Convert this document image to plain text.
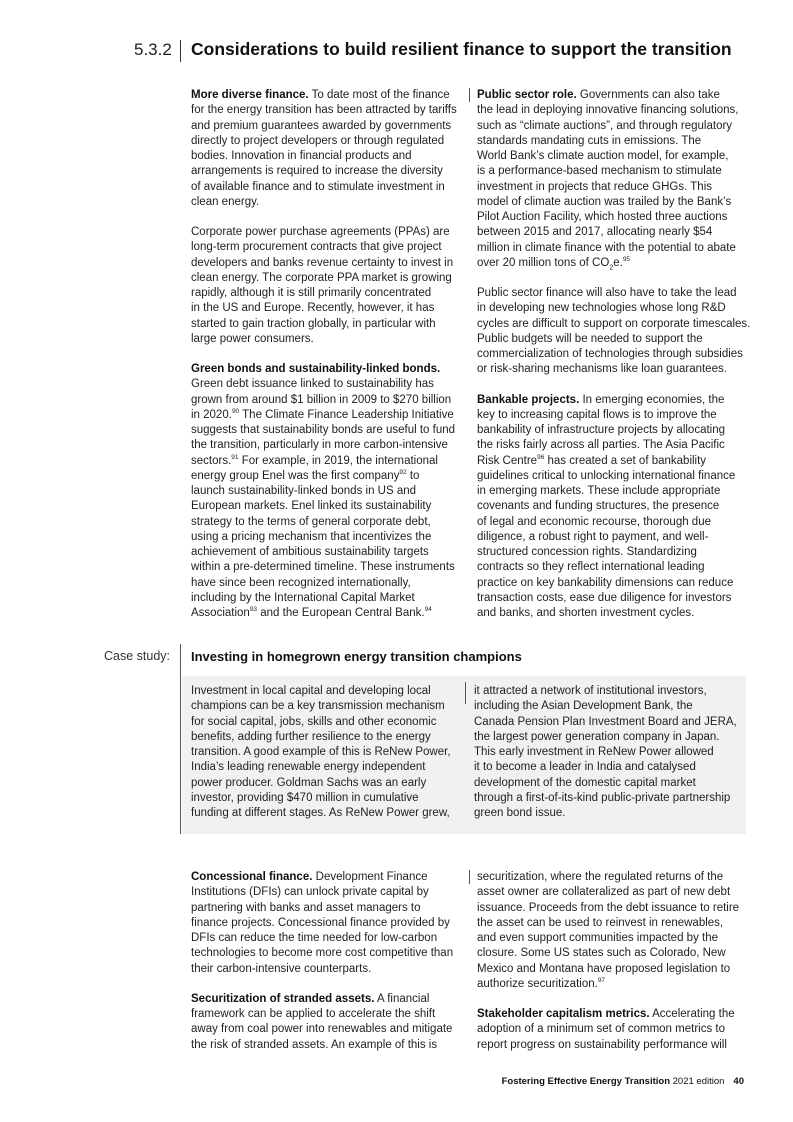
5.3.2 Considerations to build resilient finance to support the transition

More diverse finance. To date most of the finance
for the energy transition has been attracted by tariffs
and premium guarantees awarded by governments
directly to project developers or through regulated
bodies. Innovation in financial products and
arrangements is required to increase the diversity
of available finance and to stimulate investment in
clean energy.

Corporate power purchase agreements (PPAs) are
long-term procurement contracts that give project
developers and banks revenue certainty to invest in
clean energy. The corporate PPA market is growing
rapidly, although it is still primarily concentrated
in the US and Europe. Recently, however, it has
started to gain traction globally, in particular with
large power consumers.

Green bonds and sustainability-linked bonds.
Green debt issuance linked to sustainability has
grown from around $1 billion in 2009 to $270 billion
in 2020.90 The Climate Finance Leadership Initiative
suggests that sustainability bonds are useful to fund
the transition, particularly in more carbon-intensive
sectors.$^{91}$ For example, in 2019, the international
energy group Enel was the first company$^{92}$ to
launch sustainability-linked bonds in US and
European markets. Enel linked its sustainability
strategy to the terms of general corporate debt,
using a pricing mechanism that incentivizes the
achievement of ambitious sustainability targets
within a pre-determined timeline. These instruments
have since been recognized internationally,
including by the International Capital Market
Association$^{93}$ and the European Central Bank.$^{94}$

Public sector role. Governments can also take
the lead in deploying innovative financing solutions,
such as “climate auctions”, and through regulatory
standards mandating cuts in emissions. The
World Bank’s climate auction model, for example,
is a performance-based mechanism to stimulate
investment in projects that reduce GHGs. This
model of climate auction was trailed by the Bank’s
Pilot Auction Facility, which hosted three auctions
between 2015 and 2017, allocating nearly $54
million in climate finance with the potential to abate
over 20 million tons of $CO_2e.^{95}$

Public sector finance will also have to take the lead
in developing new technologies whose long R&D
cycles are difficult to support on corporate timescales.
Public budgets will be needed to support the
commercialization of technologies through subsidies
or risk-sharing mechanisms like loan guarantees.

Bankable projects. In emerging economies, the
key to increasing capital flows is to improve the
bankability of infrastructure projects by allocating
the risks fairly across all parties. The Asia Pacific
Risk Centre$^{96}$ has created a set of bankability
guidelines critical to unlocking international finance
in emerging markets. These include appropriate
covenants and funding structures, the presence
of legal and economic recourse, thorough due
diligence, a robust right to payment, and well-
structured concession rights. Standardizing
contracts so they reflect international leading
practice on key bankability dimensions can reduce
transaction costs, ease due diligence for investors
and banks, and shorten investment cycles.

Case study: Investing in homegrown energy transition champions
Investment in local capital and developing local
champions can be a key transmission mechanism
for social capital, jobs, skills and other economic
benefits, adding further resilience to the energy
transition. A good example of this is ReNew Power,
India’s leading renewable energy independent
power producer. Goldman Sachs was an early
investor, providing $470 million in cumulative
funding at different stages. As ReNew Power grew,
it attracted a network of institutional investors,
including the Asian Development Bank, the
Canada Pension Plan Investment Board and JERA,
the largest power generation company in Japan.
This early investment in ReNew Power allowed
it to become a leader in India and catalysed
development of the domestic capital market
through a first-of-its-kind public-private partnership
green bond issue.

Concessional finance. Development Finance
Institutions (DFIs) can unlock private capital by
partnering with banks and asset managers to
finance projects. Concessional finance provided by
DFIs can reduce the time needed for low-carbon
technologies to become more cost competitive than
their carbon-intensive counterparts.

Securitization of stranded assets. A financial
framework can be applied to accelerate the shift
away from coal power into renewables and mitigate
the risk of stranded assets. An example of this is

securitization, where the regulated returns of the
asset owner are collateralized as part of new debt
issuance. Proceeds from the debt issuance to retire
the asset can be used to reinvest in renewables,
and even support communities impacted by the
closure. Some US states such as Colorado, New
Mexico and Montana have proposed legislation to
authorize securitization.$^{97}$

Stakeholder capitalism metrics. Accelerating the
adoption of a minimum set of common metrics to
report progress on sustainability performance will

Fostering Effective Energy Transition 2021 edition 40
